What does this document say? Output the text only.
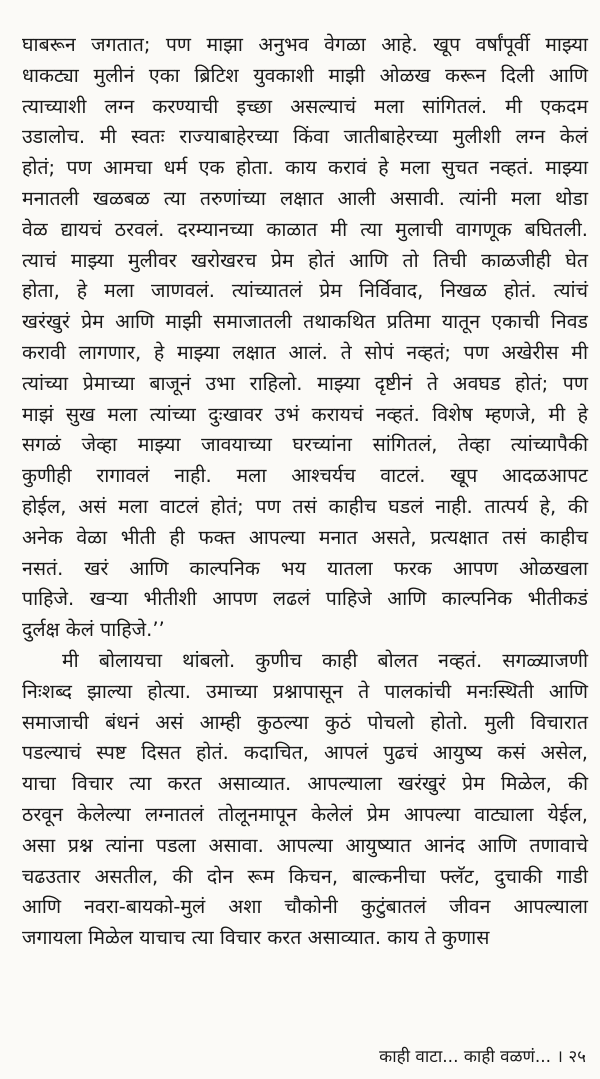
घाबरून जगतात; पण माझा अनुभव वेगळा आहे. खूप वर्षांपूर्वी माझ्या
धाकट्या मुलीनं एका ब्रिटिश युवकाशी माझी ओळख करून दिली आणि
त्याच्याशी लग्न करण्याची इच्छा असल्याचं मला सांगितलं. मी एकदम
उडालोच. मी स्वतः राज्याबाहेरच्या किंवा जातीबाहेरच्या मुलीशी लग्न केलं
होतं; पण आमचा धर्म एक होता. काय करावं हे मला सुचत नव्हतं. माझ्या
मनातली खळबळ त्या तरुणांच्या लक्षात आली असावी. त्यांनी मला थोडा
वेळ द्यायचं ठरवलं. दरम्यानच्या काळात मी त्या मुलाची वागणूक बघितली.
त्याचं माझ्या मुलीवर खरोखरच प्रेम होतं आणि तो तिची काळजीही घेत
होता, हे मला जाणवलं. त्यांच्यातलं प्रेम निर्विवाद, निखळ होतं. त्यांचं
खरंखुरं प्रेम आणि माझी समाजातली तथाकथित प्रतिमा यातून एकाची निवड
करावी लागणार, हे माझ्या लक्षात आलं. ते सोपं नव्हतं; पण अखेरीस मी
त्यांच्या प्रेमाच्या बाजूनं उभा राहिलो. माझ्या दृष्टीनं ते अवघड होतं; पण
माझं सुख मला त्यांच्या दुःखावर उभं करायचं नव्हतं. विशेष म्हणजे, मी हे
सगळं जेव्हा माझ्या जावयाच्या घरच्यांना सांगितलं, तेव्हा त्यांच्यापैकी
कुणीही रागावलं नाही. मला आश्चर्यच वाटलं. खूप आदळआपट
होईल, असं मला वाटलं होतं; पण तसं काहीच घडलं नाही. तात्पर्य हे, की
अनेक वेळा भीती ही फक्त आपल्या मनात असते, प्रत्यक्षात तसं काहीच
नसतं. खरं आणि काल्पनिक भय यातला फरक आपण ओळखला
पाहिजे. खऱ्या भीतीशी आपण लढलं पाहिजे आणि काल्पनिक भीतीकडं
दुर्लक्ष केलं पाहिजे.’’
मी बोलायचा थांबलो. कुणीच काही बोलत नव्हतं. सगळ्याजणी
निःशब्द झाल्या होत्या. उमाच्या प्रश्नापासून ते पालकांची मनःस्थिती आणि
समाजाची बंधनं असं आम्ही कुठल्या कुठं पोचलो होतो. मुली विचारात
पडल्याचं स्पष्ट दिसत होतं. कदाचित, आपलं पुढचं आयुष्य कसं असेल,
याचा विचार त्या करत असाव्यात. आपल्याला खरंखुरं प्रेम मिळेल, की
ठरवून केलेल्या लग्नातलं तोलूनमापून केलेलं प्रेम आपल्या वाट्याला येईल,
असा प्रश्न त्यांना पडला असावा. आपल्या आयुष्यात आनंद आणि तणावाचे
चढउतार असतील, की दोन रूम किचन, बाल्कनीचा फ्लॅट, दुचाकी गाडी
आणि नवरा-बायको-मुलं अशा चौकोनी कुटुंबातलं जीवन आपल्याला
जगायला मिळेल याचाच त्या विचार करत असाव्यात. काय ते कुणास
काही वाटा... काही वळणं... । २५
